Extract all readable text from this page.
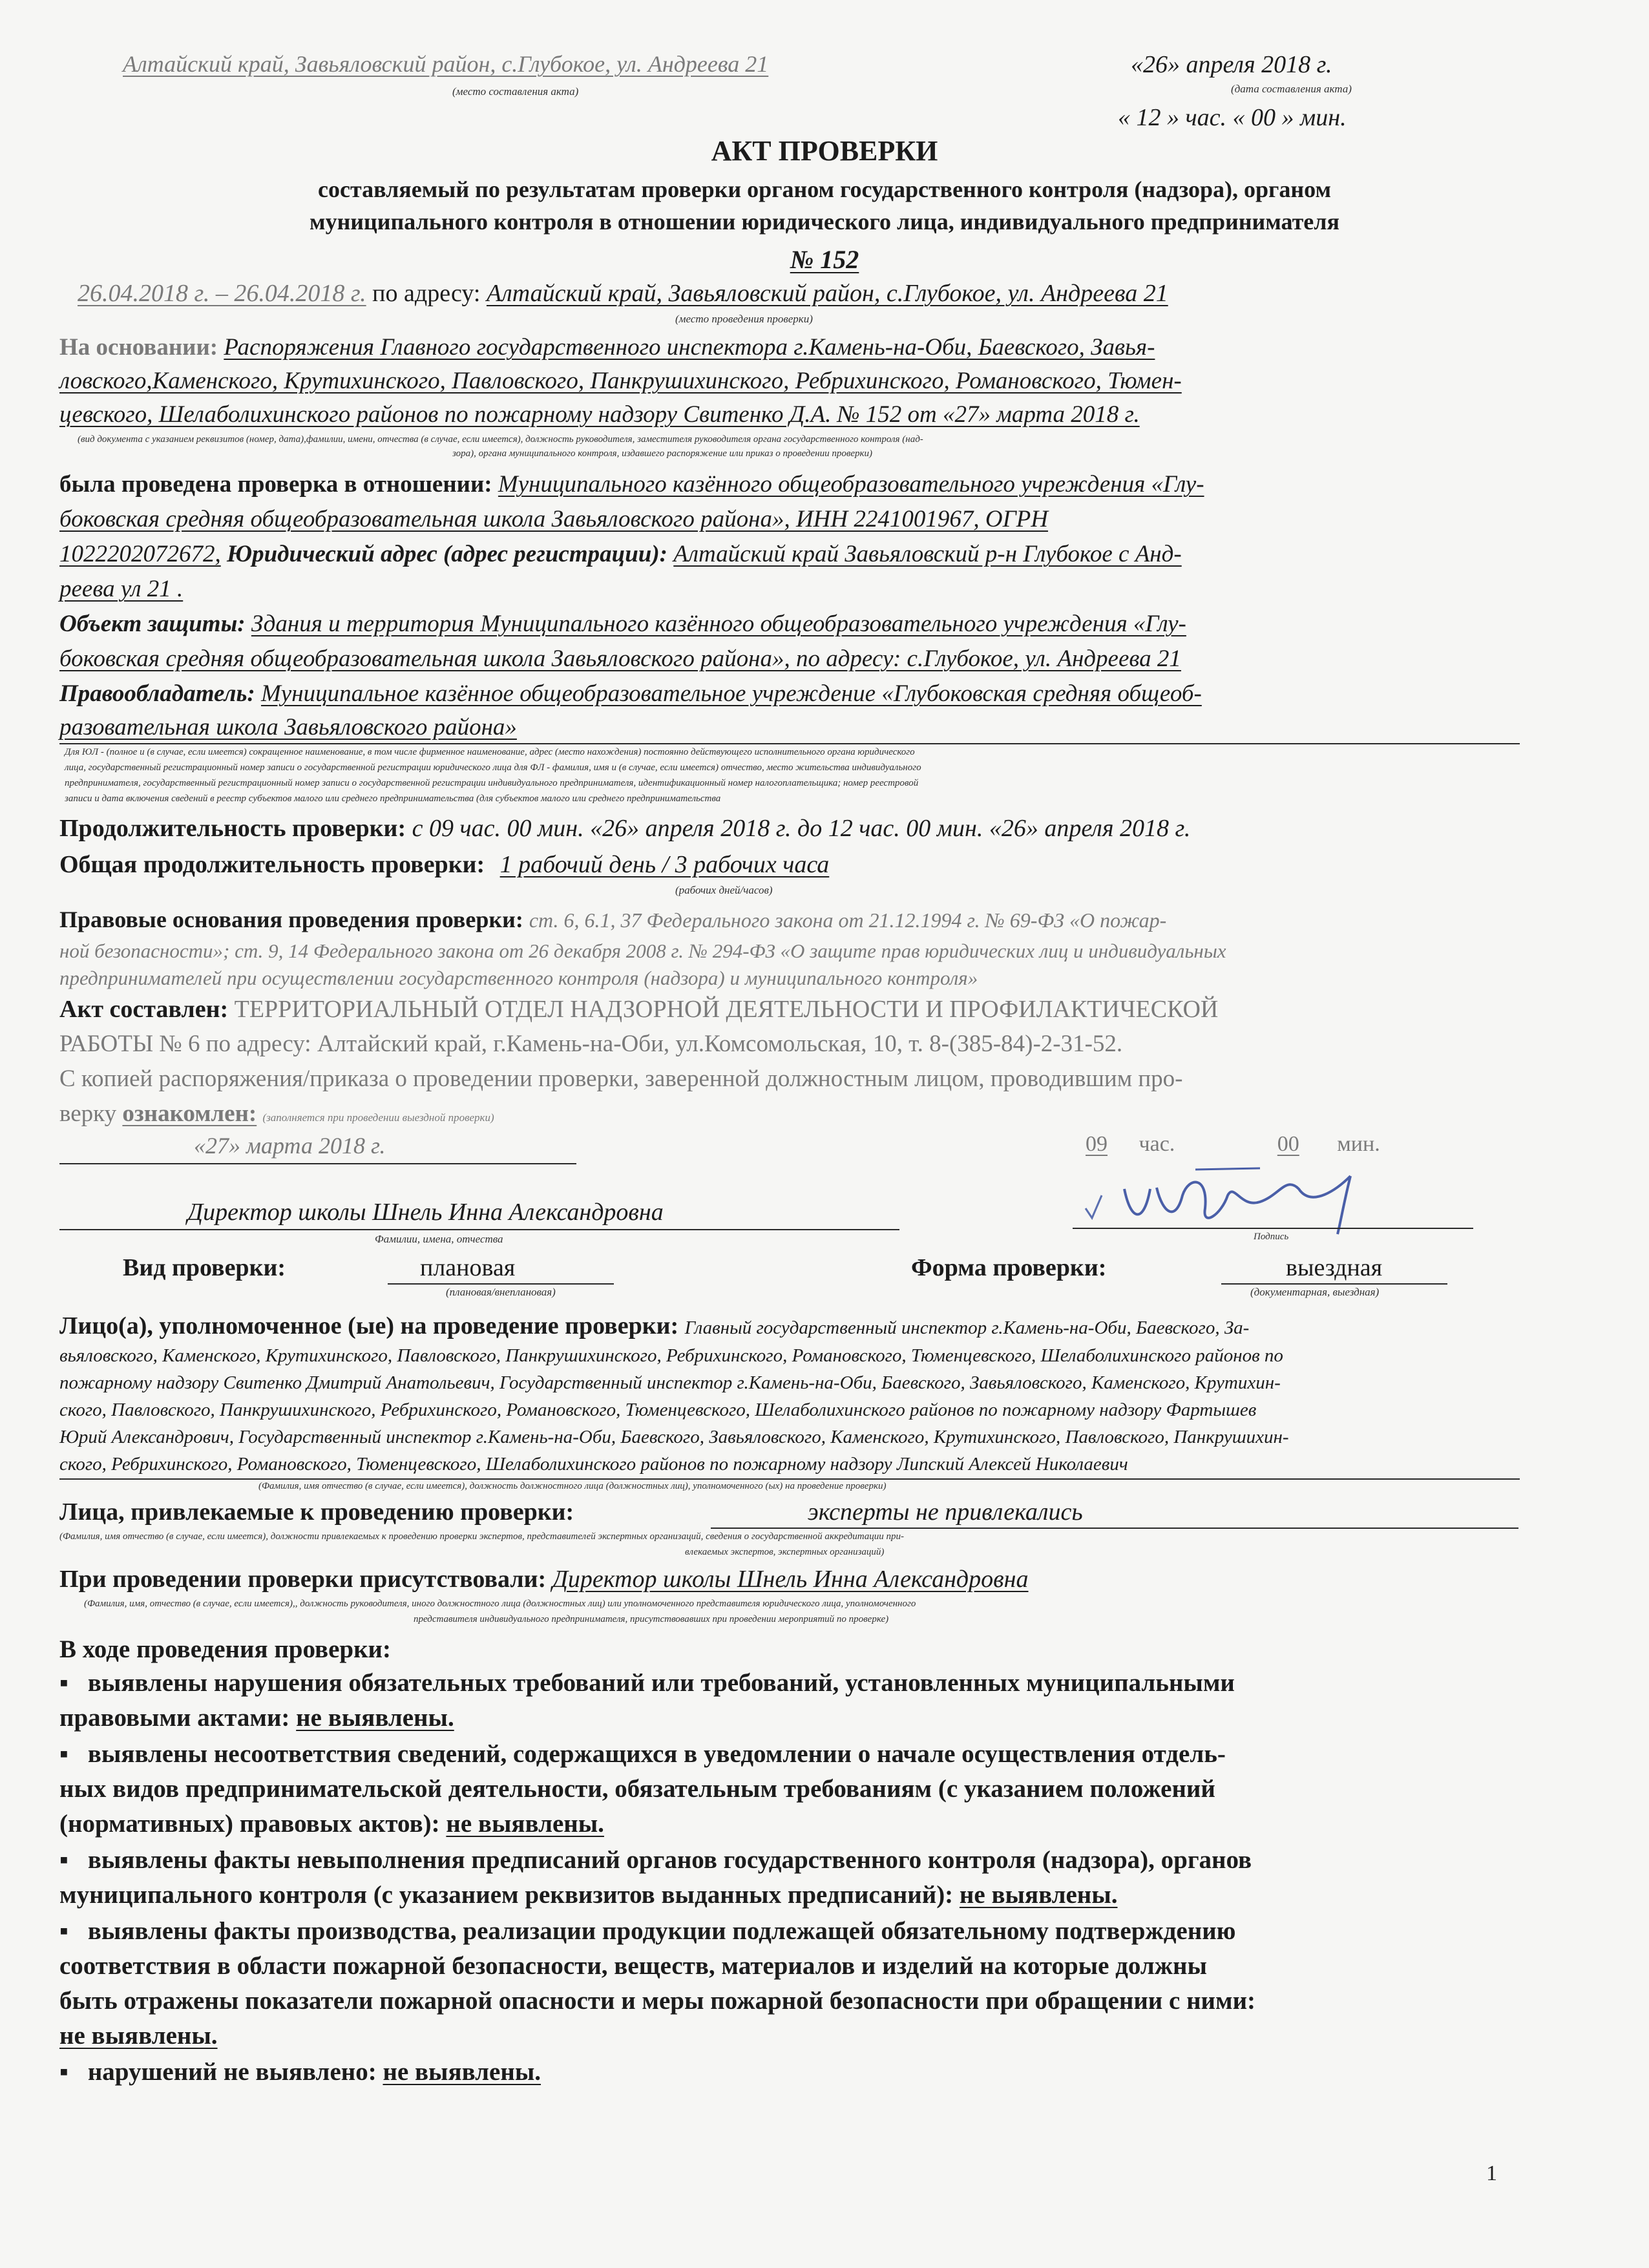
Алтайский край, Завьяловский район, с.Глубокое, ул. Андреева 21
(место составления акта)
«26» апреля 2018 г.
(дата составления акта)
« 12 » час. « 00 » мин.
АКТ ПРОВЕРКИ
составляемый по результатам проверки органом государственного контроля (надзора), органом
муниципального контроля в отношении юридического лица, индивидуального предпринимателя
№ 152
26.04.2018 г. – 26.04.2018 г. по адресу: Алтайский край, Завьяловский район, с.Глубокое, ул. Андреева 21
(место проведения проверки)
На основании: Распоряжения Главного государственного инспектора г.Камень-на-Оби, Баевского, Завья-
ловского,Каменского, Крутихинского, Павловского, Панкрушихинского, Ребрихинского, Романовского, Тюмен-
цевского, Шелаболихинского районов по пожарному надзору Свитенко Д.А. № 152 от «27» марта 2018 г.
(вид документа с указанием реквизитов (номер, дата),фамилии, имени, отчества (в случае, если имеется), должность руководителя, заместителя руководителя органа государственного контроля (над-
зора), органа муниципального контроля, издавшего распоряжение или приказ о проведении проверки)
была проведена проверка в отношении: Муниципального казённого общеобразовательного учреждения «Глу-
боковская средняя общеобразовательная школа Завьяловского района», ИНН 2241001967, ОГРН
1022202072672, Юридический адрес (адрес регистрации): Алтайский край Завьяловский р-н Глубокое с Анд-
реева ул 21 .
Объект защиты: Здания и территория Муниципального казённого общеобразовательного учреждения «Глу-
боковская средняя общеобразовательная школа Завьяловского района», по адресу: с.Глубокое, ул. Андреева 21
Правообладатель: Муниципальное казённое общеобразовательное учреждение «Глубоковская средняя общеоб-
разовательная школа Завьяловского района»
Для ЮЛ - (полное и (в случае, если имеется) сокращенное наименование, в том числе фирменное наименование, адрес (место нахождения) постоянно действующего исполнительного органа юридического
лица, государственный регистрационный номер записи о государственной регистрации юридического лица для ФЛ - фамилия, имя и (в случае, если имеется) отчество, место жительства индивидуального
предпринимателя, государственный регистрационный номер записи о государственной регистрации индивидуального предпринимателя, идентификационный номер налогоплательщика; номер реестровой
записи и дата включения сведений в реестр субъектов малого или среднего предпринимательства (для субъектов малого или среднего предпринимательства
Продолжительность проверки: с 09 час. 00 мин. «26» апреля 2018 г. до 12 час. 00 мин. «26» апреля 2018 г.
Общая продолжительность проверки: 1 рабочий день / 3 рабочих часа
(рабочих дней/часов)
Правовые основания проведения проверки: ст. 6, 6.1, 37 Федерального закона от 21.12.1994 г. № 69-ФЗ «О пожар-
ной безопасности»; ст. 9, 14 Федерального закона от 26 декабря 2008 г. № 294-ФЗ «О защите прав юридических лиц и индивидуальных
предпринимателей при осуществлении государственного контроля (надзора) и муниципального контроля»
Акт составлен: ТЕРРИТОРИАЛЬНЫЙ ОТДЕЛ НАДЗОРНОЙ ДЕЯТЕЛЬНОСТИ И ПРОФИЛАКТИЧЕСКОЙ
РАБОТЫ № 6 по адресу: Алтайский край, г.Камень-на-Оби, ул.Комсомольская, 10, т. 8-(385-84)-2-31-52.
С копией распоряжения/приказа о проведении проверки, заверенной должностным лицом, проводившим про-
верку ознакомлен: (заполняется при проведении выездной проверки)
«27» марта 2018 г.	09 час.	00 мин.
Директор школы Шнель Инна Александровна
Фамилии, имена, отчества	Подпись
Вид проверки:	плановая
(плановая/внеплановая)
Форма проверки:	выездная
(документарная, выездная)
Лицо(а), уполномоченное (ые) на проведение проверки: Главный государственный инспектор г.Камень-на-Оби, Баевского, За-
вьяловского, Каменского, Крутихинского, Павловского, Панкрушихинского, Ребрихинского, Романовского, Тюменцевского, Шелаболихинского районов по
пожарному надзору Свитенко Дмитрий Анатольевич, Государственный инспектор г.Камень-на-Оби, Баевского, Завьяловского, Каменского, Крутихин-
ского, Павловского, Панкрушихинского, Ребрихинского, Романовского, Тюменцевского, Шелаболихинского районов по пожарному надзору Фартышев
Юрий Александрович, Государственный инспектор г.Камень-на-Оби, Баевского, Завьяловского, Каменского, Крутихинского, Павловского, Панкрушихин-
ского, Ребрихинского, Романовского, Тюменцевского, Шелаболихинского районов по пожарному надзору Липский Алексей Николаевич
(Фамилия, имя отчество (в случае, если имеется), должность должностного лица (должностных лиц), уполномоченного (ых) на проведение проверки)
Лица, привлекаемые к проведению проверки:	эксперты не привлекались
(Фамилия, имя отчество (в случае, если имеется), должности привлекаемых к проведению проверки экспертов, представителей экспертных организаций, сведения о государственной аккредитации при-
влекаемых экспертов, экспертных организаций)
При проведении проверки присутствовали: Директор школы Шнель Инна Александровна
(Фамилия, имя, отчество (в случае, если имеется),, должность руководителя, иного должностного лица (должностных лиц) или уполномоченного представителя юридического лица, уполномоченного
представителя индивидуального предпринимателя, присутствовавших при проведении мероприятий по проверке)
В ходе проведения проверки:
▪ выявлены нарушения обязательных требований или требований, установленных муниципальными
правовыми актами: не выявлены.
▪ выявлены несоответствия сведений, содержащихся в уведомлении о начале осуществления отдель-
ных видов предпринимательской деятельности, обязательным требованиям (с указанием положений
(нормативных) правовых актов): не выявлены.
▪ выявлены факты невыполнения предписаний органов государственного контроля (надзора), органов
муниципального контроля (с указанием реквизитов выданных предписаний): не выявлены.
▪ выявлены факты производства, реализации продукции подлежащей обязательному подтверждению
соответствия в области пожарной безопасности, веществ, материалов и изделий на которые должны
быть отражены показатели пожарной опасности и меры пожарной безопасности при обращении с ними:
не выявлены.
▪ нарушений не выявлено: не выявлены.
1
